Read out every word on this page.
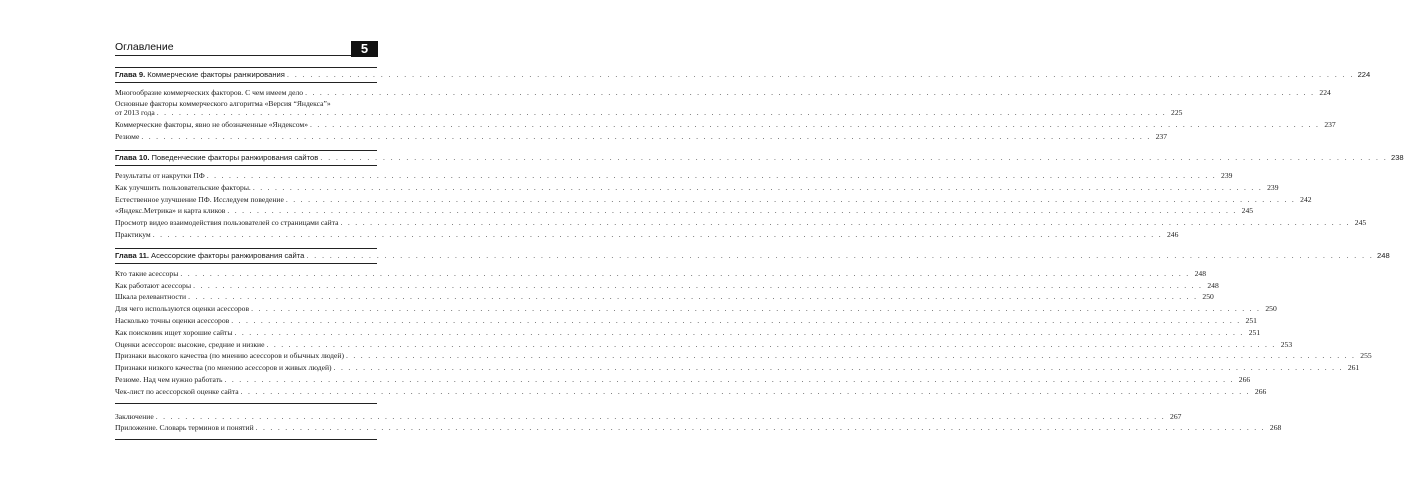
Оглавление	5
Глава 9. Коммерческие факторы ранжирования . . .	224
Многообразие коммерческих факторов. С чем имеем дело . . .	224
Основные факторы коммерческого алгоритма «Версия “Яндекса”»
от 2013 года . . .	225
Коммерческие факторы, явно не обозначенные «Яндексом» . . .	237
Резюме . . .	237
Глава 10. Поведенческие факторы ранжирования сайтов . . .	238
Результаты от накрутки ПФ . . .	239
Как улучшить пользовательские факторы. . . .	239
Естественное улучшение ПФ. Исследуем поведение . . .	242
«Яндекс.Метрика» и карта кликов . . .	245
Просмотр видео взаимодействия пользователей со страницами сайта . . .	245
Практикум . . .	246
Глава 11. Асессорские факторы ранжирования сайта . . .	248
Кто такие асессоры . . .	248
Как работают асессоры . . .	248
Шкала релевантности . . .	250
Для чего используются оценки асессоров . . .	250
Насколько точны оценки асессоров . . .	251
Как поисковик ищет хорошие сайты . . .	251
Оценки асессоров: высокие, средние и низкие . . .	253
Признаки высокого качества (по мнению асессоров и обычных людей) . . .	255
Признаки низкого качества (по мнению асессоров и живых людей) . . .	261
Резюме. Над чем нужно работать . . .	266
Чек-лист по асессорской оценке сайта . . .	266
Заключение . . .	267
Приложение. Словарь терминов и понятий . . .	268
